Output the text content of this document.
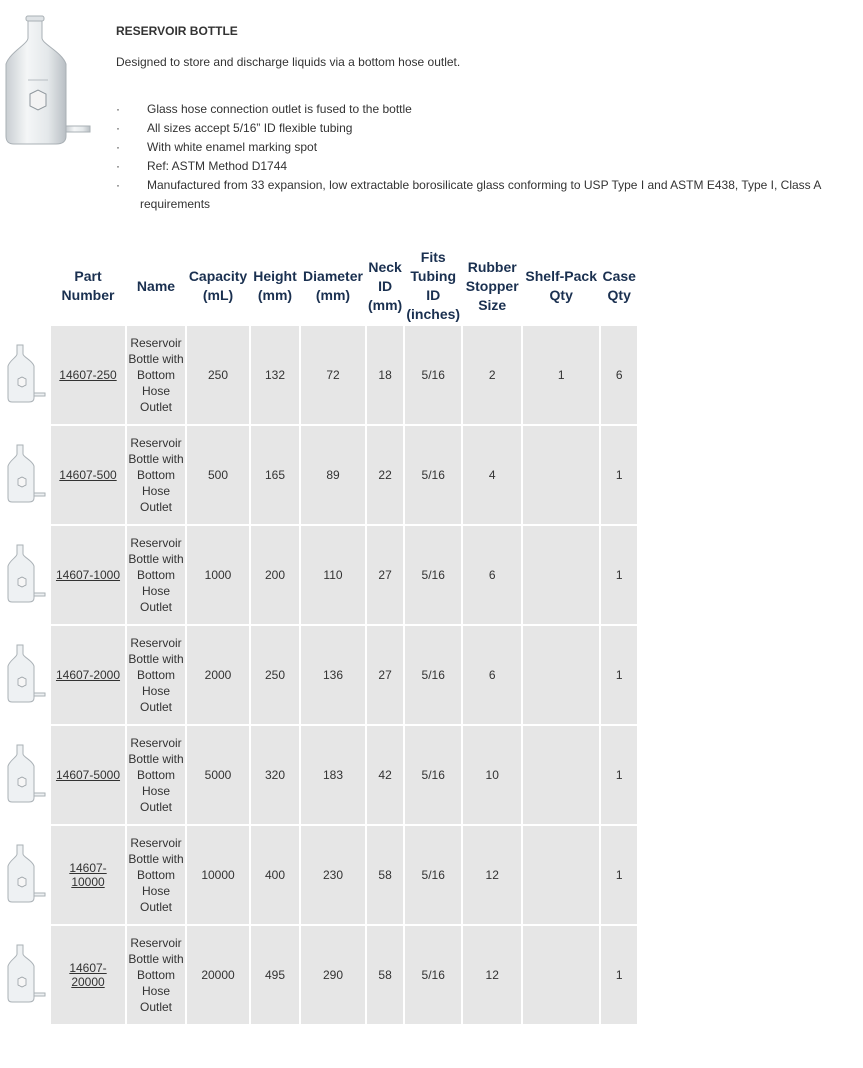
RESERVOIR BOTTLE
Designed to store and discharge liquids via a bottom hose outlet.
·	Glass hose connection outlet is fused to the bottle
·	All sizes accept 5/16” ID flexible tubing
·	With white enamel marking spot
·	Ref: ASTM Method D1744
·	Manufactured from 33 expansion, low extractable borosilicate glass conforming to USP Type I and ASTM E438, Type I, Class A
requirements
Part Number	Name	Capacity (mL)	Height (mm)	Diameter (mm)	Neck ID (mm)	Fits Tubing ID (inches)	Rubber Stopper Size	Shelf-Pack Qty	Case Qty
14607-250	Reservoir Bottle with Bottom Hose Outlet	250	132	72	18	5/16	2	1	6
14607-500	Reservoir Bottle with Bottom Hose Outlet	500	165	89	22	5/16	4		1
14607-1000	Reservoir Bottle with Bottom Hose Outlet	1000	200	110	27	5/16	6		1
14607-2000	Reservoir Bottle with Bottom Hose Outlet	2000	250	136	27	5/16	6		1
14607-5000	Reservoir Bottle with Bottom Hose Outlet	5000	320	183	42	5/16	10		1
14607-10000	Reservoir Bottle with Bottom Hose Outlet	10000	400	230	58	5/16	12		1
14607-20000	Reservoir Bottle with Bottom Hose Outlet	20000	495	290	58	5/16	12		1
